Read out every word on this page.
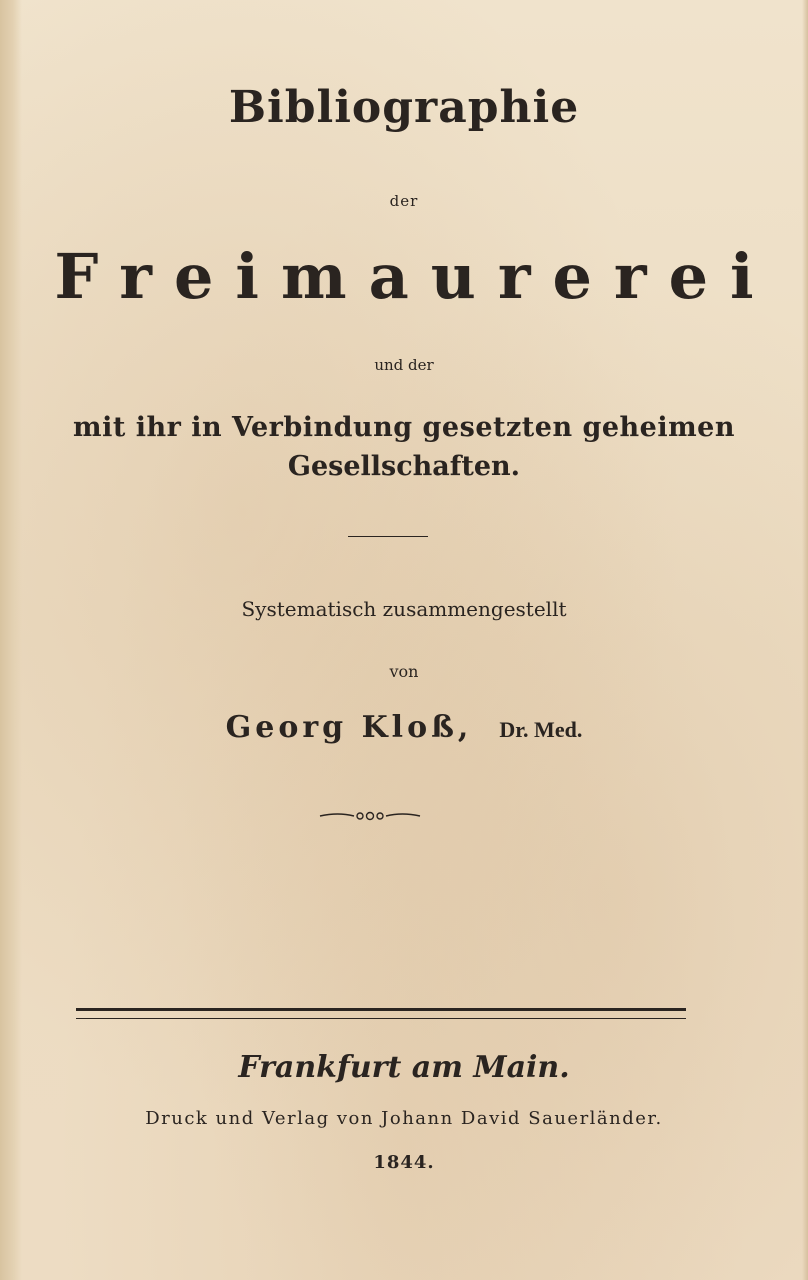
Bibliographie
der
Freimaurerei
und der
mit ihr in Verbindung gesetzten geheimen
Gesellschaften.
Systematisch zusammengestellt
von
Georg Kloß, Dr. Med.
Frankfurt am Main.
Druck und Verlag von Johann David Sauerländer.
1844.
